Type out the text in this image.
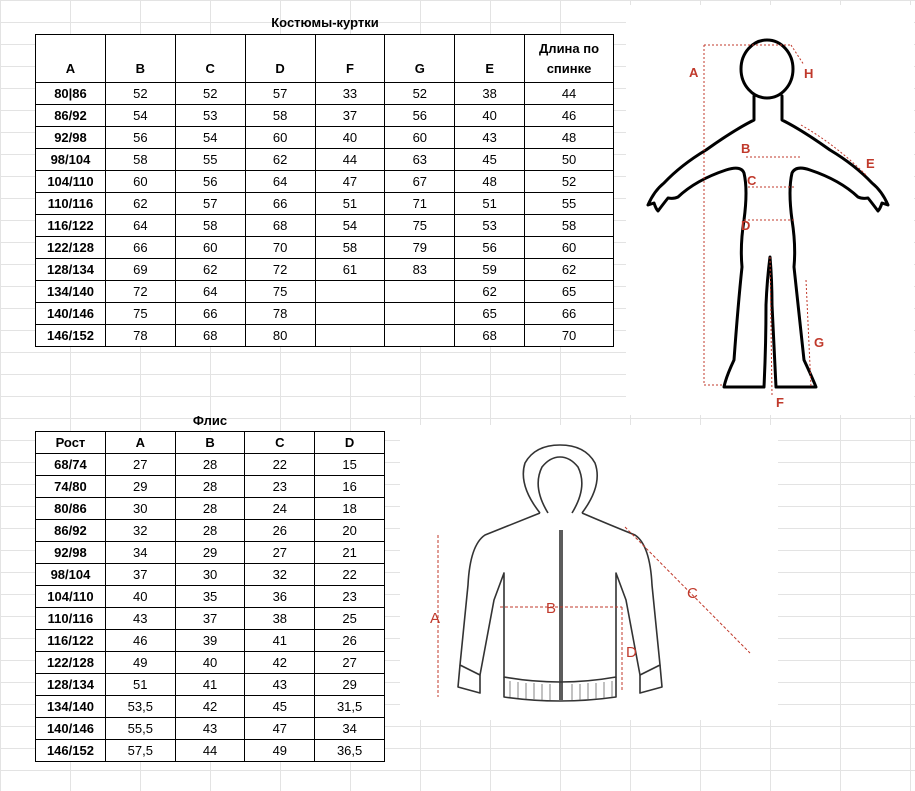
Костюмы-куртки
A	B	C	D	F	G	E	Длина по спинке
80|86	52	52	57	33	52	38	44
86/92	54	53	58	37	56	40	46
92/98	56	54	60	40	60	43	48
98/104	58	55	62	44	63	45	50
104/110	60	56	64	47	67	48	52
110/116	62	57	66	51	71	51	55
116/122	64	58	68	54	75	53	58
122/128	66	60	70	58	79	56	60
128/134	69	62	72	61	83	59	62
134/140	72	64	75			62	65
140/146	75	66	78			65	66
146/152	78	68	80			68	70
Флис
Рост	A	B	C	D
68/74	27	28	22	15
74/80	29	28	23	16
80/86	30	28	24	18
86/92	32	28	26	20
92/98	34	29	27	21
98/104	37	30	32	22
104/110	40	35	36	23
110/116	43	37	38	25
116/122	46	39	41	26
122/128	49	40	42	27
128/134	51	41	43	29
134/140	53,5	42	45	31,5
140/146	55,5	43	47	34
146/152	57,5	44	49	36,5
A	H
B
C
D
E
G
F
A
B
C
D
